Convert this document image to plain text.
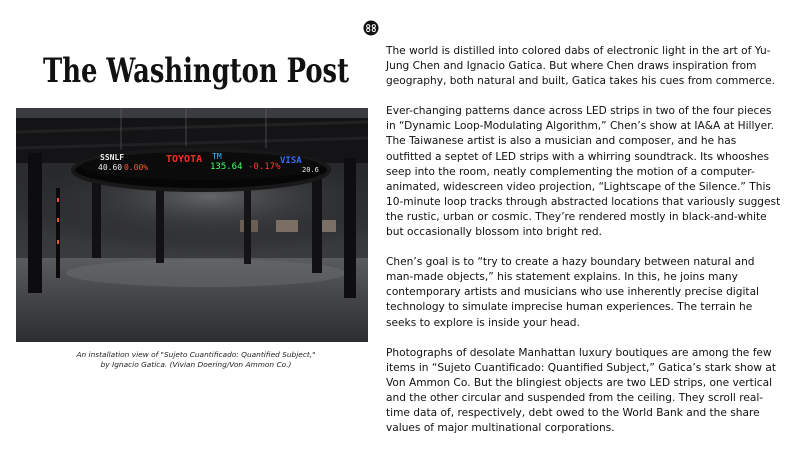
The Washington Post
SSNLF
40.60 0.00%
TOYOTA TM
135.64 -0.17%
VISA
20.6
An installation view of "Sujeto Cuantificado: Quantified Subject,"
by Ignacio Gatica. (Vivian Doering/Von Ammon Co.)

The world is distilled into colored dabs of electronic light in the art of Yu-Jung Chen and Ignacio Gatica. But where Chen draws inspiration from geography, both natural and built, Gatica takes his cues from commerce.

Ever-changing patterns dance across LED strips in two of the four pieces in “Dynamic Loop-Modulating Algorithm,” Chen’s show at IA&A at Hillyer. The Taiwanese artist is also a musician and composer, and he has outfitted a septet of LED strips with a whirring soundtrack. Its whooshes seep into the room, neatly complementing the motion of a computer-animated, widescreen video projection, “Lightscape of the Silence.” This 10-minute loop tracks through abstracted locations that variously suggest the rustic, urban or cosmic. They’re rendered mostly in black-and-white but occasionally blossom into bright red.

Chen’s goal is to “try to create a hazy boundary between natural and man-made objects,” his statement explains. In this, he joins many contemporary artists and musicians who use inherently precise digital technology to simulate imprecise human experiences. The terrain he seeks to explore is inside your head.

Photographs of desolate Manhattan luxury boutiques are among the few items in “Sujeto Cuantificado: Quantified Subject,” Gatica’s stark show at Von Ammon Co. But the blingiest objects are two LED strips, one vertical and the other circular and suspended from the ceiling. They scroll real-time data of, respectively, debt owed to the World Bank and the share values of major multinational corporations.
